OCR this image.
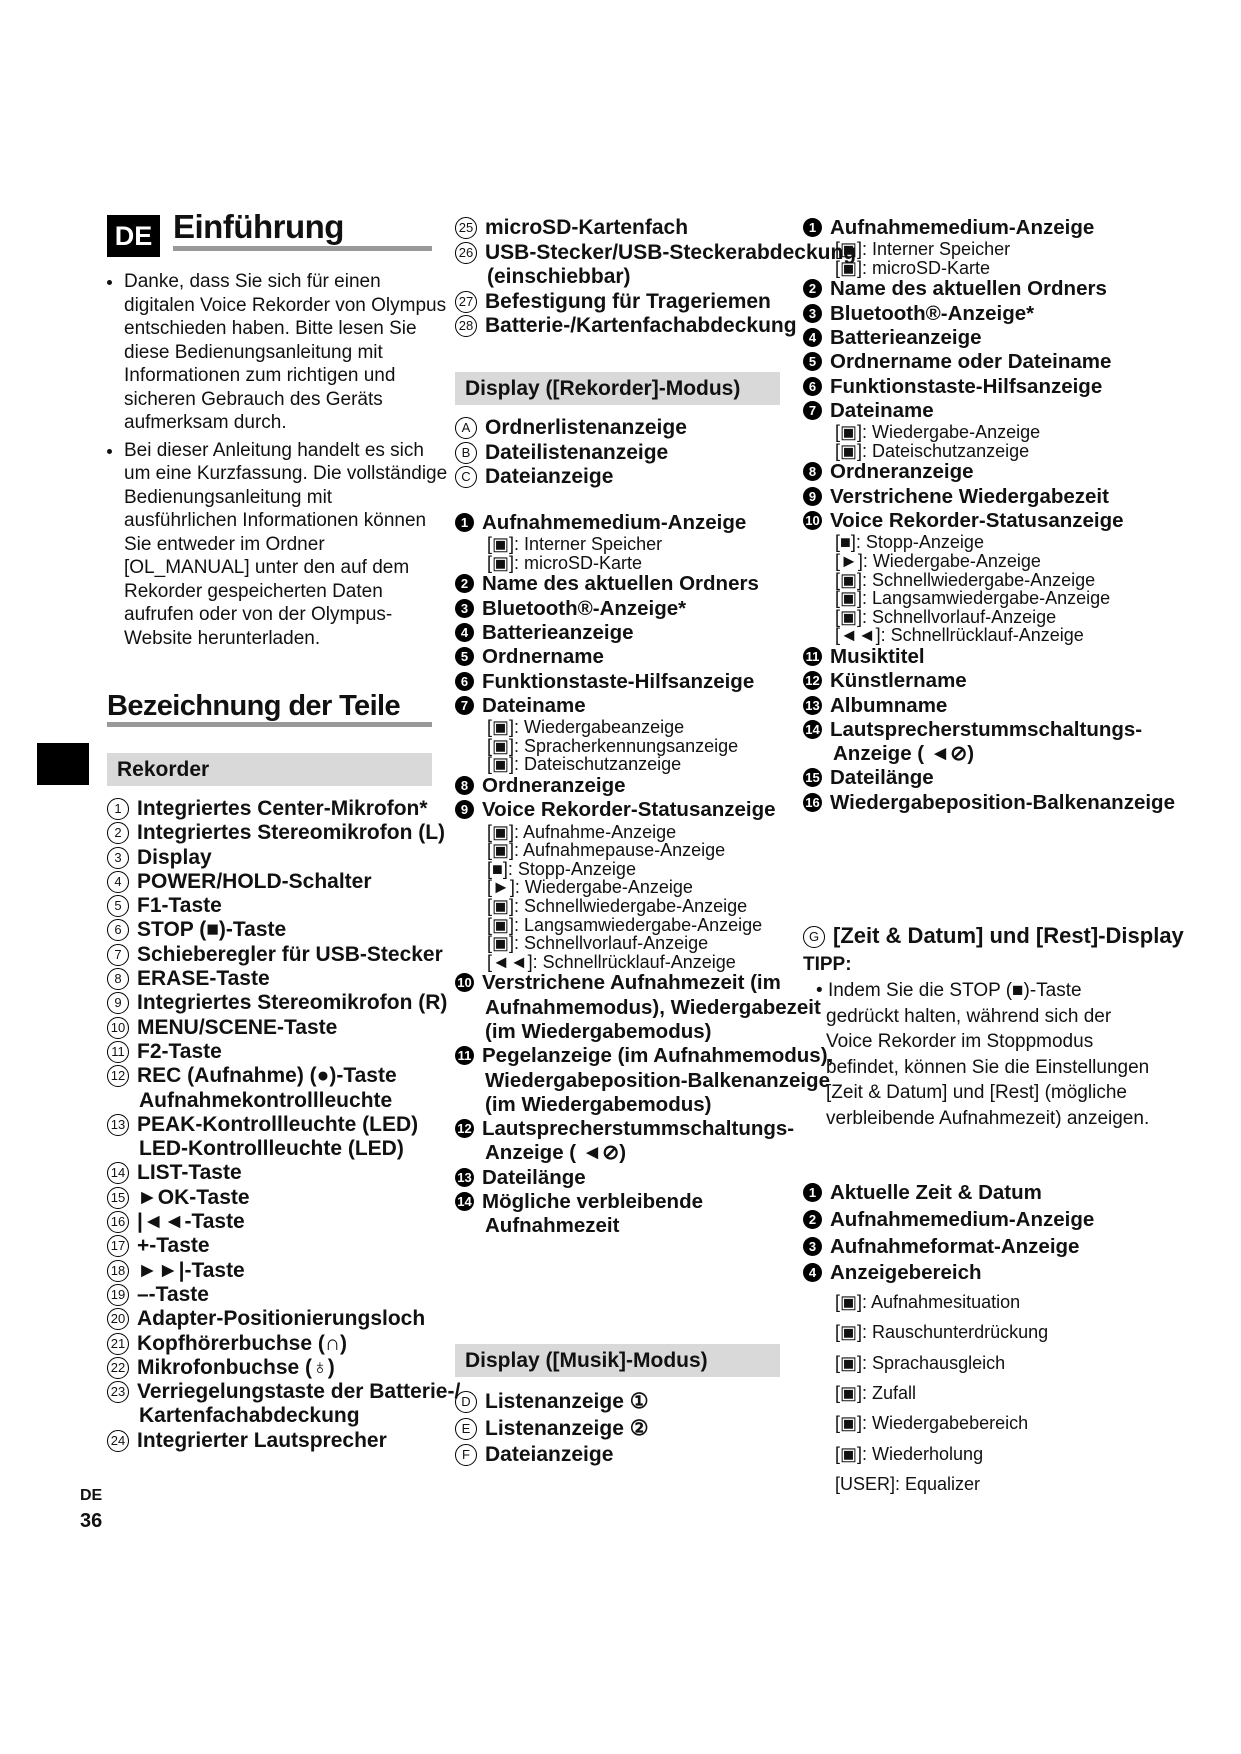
DE Einführung
• Danke, dass Sie sich für einen digitalen Voice Rekorder von Olympus entschieden haben. Bitte lesen Sie diese Bedienungsanleitung mit Informationen zum richtigen und sicheren Gebrauch des Geräts aufmerksam durch.
• Bei dieser Anleitung handelt es sich um eine Kurzfassung. Die vollständige Bedienungsanleitung mit ausführlichen Informationen können Sie entweder im Ordner [OL_MANUAL] unter den auf dem Rekorder gespeicherten Daten aufrufen oder von der Olympus-Website herunterladen.
Bezeichnung der Teile
Rekorder
1 Integriertes Center-Mikrofon*
2 Integriertes Stereomikrofon (L)
3 Display
4 POWER/HOLD-Schalter
5 F1-Taste
6 STOP (■)-Taste
7 Schieberegler für USB-Stecker
8 ERASE-Taste
9 Integriertes Stereomikrofon (R)
10 MENU/SCENE-Taste
11 F2-Taste
12 REC (Aufnahme) (●)-Taste
Aufnahmekontrollleuchte
13 PEAK-Kontrollleuchte (LED)
LED-Kontrollleuchte (LED)
14 LIST-Taste
15 ►OK-Taste
16 |◄◄-Taste
17 +-Taste
18 ►►|-Taste
19 –-Taste
20 Adapter-Positionierungsloch
21 Kopfhörerbuchse (∩)
22 Mikrofonbuchse (♁)
23 Verriegelungstaste der Batterie-/
Kartenfachabdeckung
24 Integrierter Lautsprecher
DE
36
25 microSD-Kartenfach
26 USB-Stecker/USB-Steckerabdeckung
(einschiebbar)
27 Befestigung für Trageriemen
28 Batterie-/Kartenfachabdeckung
Display ([Rekorder]-Modus)
A Ordnerlistenanzeige
B Dateilistenanzeige
C Dateianzeige
1 Aufnahmemedium-Anzeige
[▣]: Interner Speicher
[▣]: microSD-Karte
2 Name des aktuellen Ordners
3 Bluetooth®-Anzeige*
4 Batterieanzeige
5 Ordnername
6 Funktionstaste-Hilfsanzeige
7 Dateiname
[▣]: Wiedergabeanzeige
[▣]: Spracherkennungsanzeige
[▣]: Dateischutzanzeige
8 Ordneranzeige
9 Voice Rekorder-Statusanzeige
[▣]: Aufnahme-Anzeige
[▣]: Aufnahmepause-Anzeige
[■]: Stopp-Anzeige
[►]: Wiedergabe-Anzeige
[▣]: Schnellwiedergabe-Anzeige
[▣]: Langsamwiedergabe-Anzeige
[▣]: Schnellvorlauf-Anzeige
[◄◄]: Schnellrücklauf-Anzeige
10 Verstrichene Aufnahmezeit (im
Aufnahmemodus), Wiedergabezeit
(im Wiedergabemodus)
11 Pegelanzeige (im Aufnahmemodus),
Wiedergabeposition-Balkenanzeige
(im Wiedergabemodus)
12 Lautsprecherstummschaltungs-
Anzeige ( ◄⊘)
13 Dateilänge
14 Mögliche verbleibende
Aufnahmezeit
Display ([Musik]-Modus)
D Listenanzeige ①
E Listenanzeige ②
F Dateianzeige
1 Aufnahmemedium-Anzeige
[▣]: Interner Speicher
[▣]: microSD-Karte
2 Name des aktuellen Ordners
3 Bluetooth®-Anzeige*
4 Batterieanzeige
5 Ordnername oder Dateiname
6 Funktionstaste-Hilfsanzeige
7 Dateiname
[▣]: Wiedergabe-Anzeige
[▣]: Dateischutzanzeige
8 Ordneranzeige
9 Verstrichene Wiedergabezeit
10 Voice Rekorder-Statusanzeige
[■]: Stopp-Anzeige
[►]: Wiedergabe-Anzeige
[▣]: Schnellwiedergabe-Anzeige
[▣]: Langsamwiedergabe-Anzeige
[▣]: Schnellvorlauf-Anzeige
[◄◄]: Schnellrücklauf-Anzeige
11 Musiktitel
12 Künstlername
13 Albumname
14 Lautsprecherstummschaltungs-
Anzeige ( ◄⊘)
15 Dateilänge
16 Wiedergabeposition-Balkenanzeige
G [Zeit & Datum] und [Rest]-Display
TIPP:
• Indem Sie die STOP (■)-Taste gedrückt halten, während sich der Voice Rekorder im Stoppmodus befindet, können Sie die Einstellungen [Zeit & Datum] und [Rest] (mögliche verbleibende Aufnahmezeit) anzeigen.
1 Aktuelle Zeit & Datum
2 Aufnahmemedium-Anzeige
3 Aufnahmeformat-Anzeige
4 Anzeigebereich
[▣]: Aufnahmesituation
[▣]: Rauschunterdrückung
[▣]: Sprachausgleich
[▣]: Zufall
[▣]: Wiedergabebereich
[▣]: Wiederholung
[USER]: Equalizer
